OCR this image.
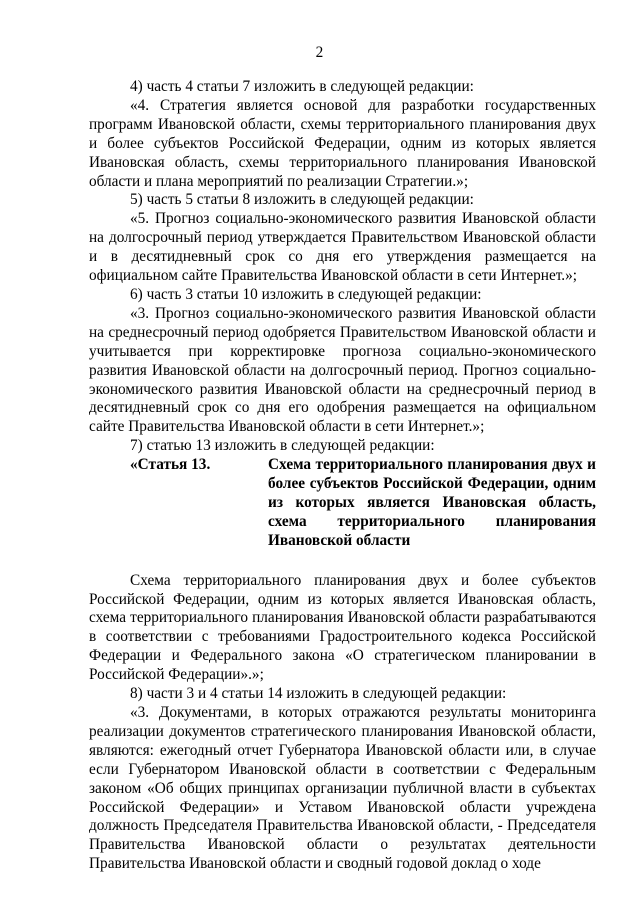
2

4) часть 4 статьи 7 изложить в следующей редакции:

«4. Стратегия является основой для разработки государственных программ Ивановской области, схемы территориального планирования двух и более субъектов Российской Федерации, одним из которых является Ивановская область, схемы территориального планирования Ивановской области и плана мероприятий по реализации Стратегии.»;

5) часть 5 статьи 8 изложить в следующей редакции:

«5. Прогноз социально-экономического развития Ивановской области на долгосрочный период утверждается Правительством Ивановской области и в десятидневный срок со дня его утверждения размещается на официальном сайте Правительства Ивановской области в сети Интернет.»;

6) часть 3 статьи 10 изложить в следующей редакции:

«3. Прогноз социально-экономического развития Ивановской области на среднесрочный период одобряется Правительством Ивановской области и учитывается при корректировке прогноза социально-экономического развития Ивановской области на долгосрочный период. Прогноз социально-экономического развития Ивановской области на среднесрочный период в десятидневный срок со дня его одобрения размещается на официальном сайте Правительства Ивановской области в сети Интернет.»;

7) статью 13 изложить в следующей редакции:

«Статья 13.	Схема территориального планирования двух и более субъектов Российской Федерации, одним из которых является Ивановская область, схема территориального планирования Ивановской области

Схема территориального планирования двух и более субъектов Российской Федерации, одним из которых является Ивановская область, схема территориального планирования Ивановской области разрабатываются в соответствии с требованиями Градостроительного кодекса Российской Федерации и Федерального закона «О стратегическом планировании в Российской Федерации».»;

8) части 3 и 4 статьи 14 изложить в следующей редакции:

«3. Документами, в которых отражаются результаты мониторинга реализации документов стратегического планирования Ивановской области, являются: ежегодный отчет Губернатора Ивановской области или, в случае если Губернатором Ивановской области в соответствии с Федеральным законом «Об общих принципах организации публичной власти в субъектах Российской Федерации» и Уставом Ивановской области учреждена должность Председателя Правительства Ивановской области, - Председателя Правительства Ивановской области о результатах деятельности Правительства Ивановской области и сводный годовой доклад о ходе
